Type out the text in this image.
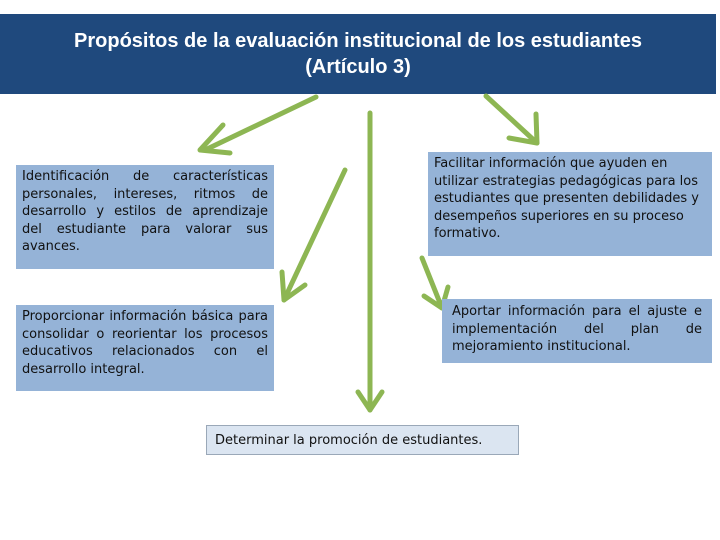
Propósitos de la evaluación institucional de los estudiantes
(Artículo 3)
Identificación de características personales, intereses, ritmos de desarrollo y estilos de aprendizaje del estudiante para valorar sus avances.
Facilitar información que ayuden en utilizar estrategias pedagógicas para los estudiantes que presenten debilidades y desempeños superiores en su proceso formativo.
Proporcionar información básica para consolidar o reorientar los procesos educativos relacionados con el desarrollo integral.
Aportar información para el ajuste e implementación del plan de mejoramiento institucional.
Determinar la promoción de estudiantes.
